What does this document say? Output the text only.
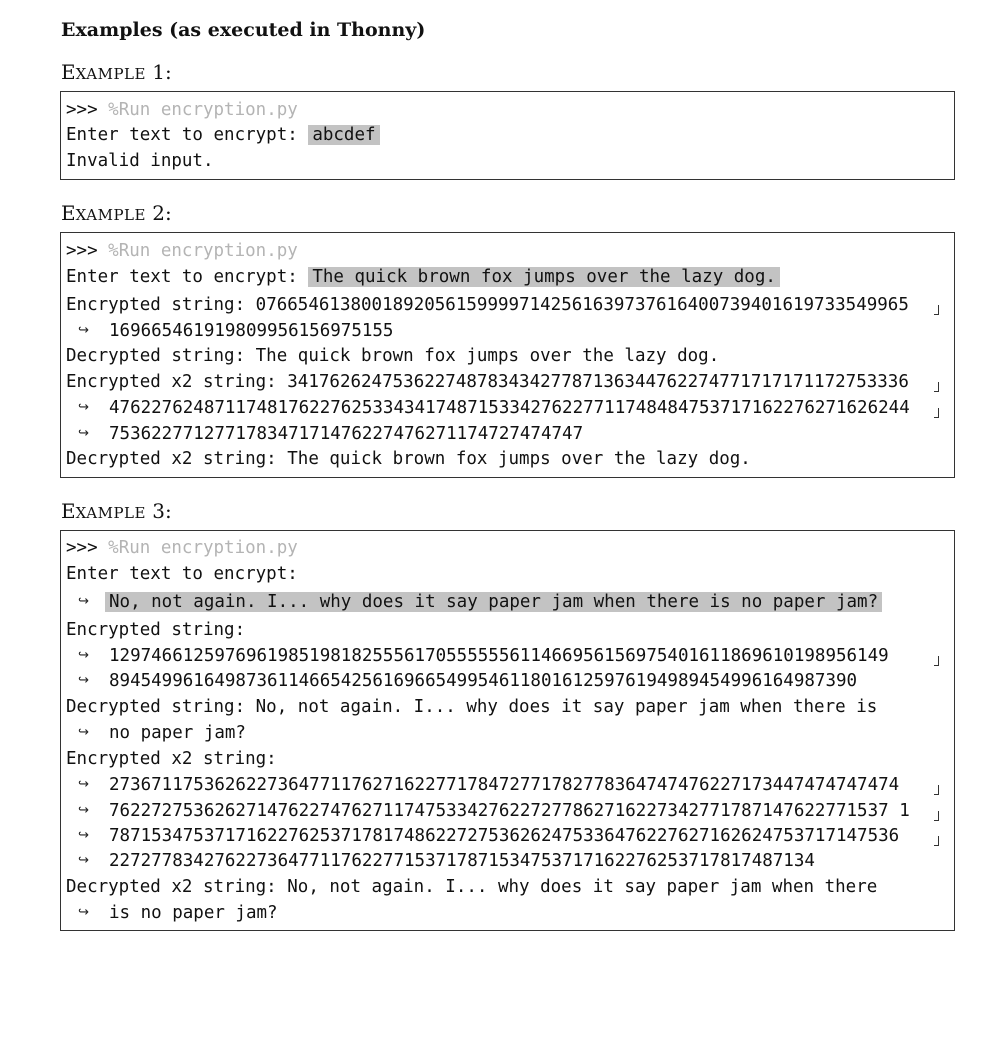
Examples (as executed in Thonny)
EXAMPLE 1:
>>> %Run encryption.py
Enter text to encrypt: abcdef
Invalid input.
EXAMPLE 2:
>>> %Run encryption.py
Enter text to encrypt: The quick brown fox jumps over the lazy dog.
Encrypted string: 07665461380018920561599997142561639737616400739401619733549965
↪ 169665461919809956156975155
Decrypted string: The quick brown fox jumps over the lazy dog.
Encrypted x2 string: 34176262475362274878343427787136344762274771717171172753336
↪ 4762276248711748176227625334341748715334276227711748484753717162276271626244
↪ 753622771277178347171476227476271174727474747
Decrypted x2 string: The quick brown fox jumps over the lazy dog.
EXAMPLE 3:
>>> %Run encryption.py
Enter text to encrypt:
↪ No, not again. I... why does it say paper jam when there is no paper jam?
Encrypted string:
↪ 12974661259769619851981825556170555555611466956156975401611869610198956149
↪ 89454996164987361146654256169665499546118016125976194989454996164987390
Decrypted string: No, not again. I... why does it say paper jam when there is
↪ no paper jam?
Encrypted x2 string:
↪ 273671175362622736477117627162277178472771782778364747476227173447474747474
↪ 76227275362627147622747627117475334276227277862716227342771787147622771537 1
↪ 787153475371716227625371781748622727536262475336476227627162624753717147536
↪ 2272778342762273647711762277153717871534753717162276253717817487134
Decrypted x2 string: No, not again. I... why does it say paper jam when there
↪ is no paper jam?
